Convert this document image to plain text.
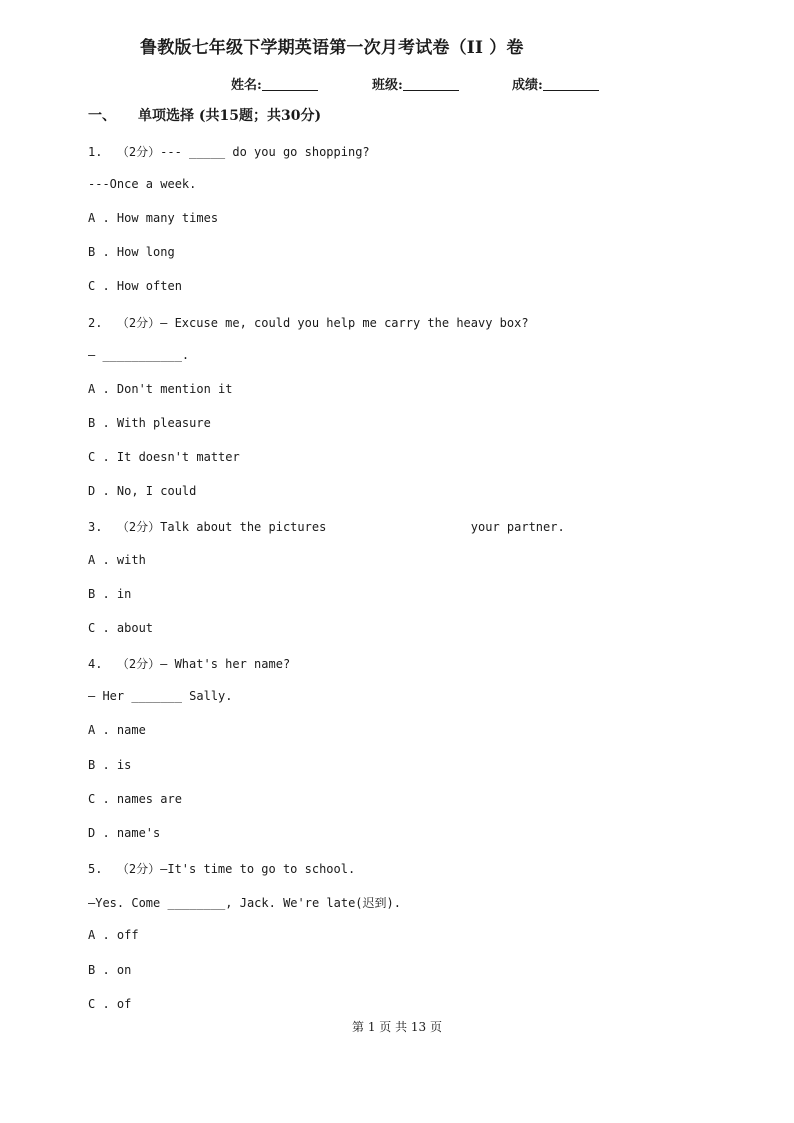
鲁教版七年级下学期英语第一次月考试卷（II ）卷
姓名:	班级:	成绩:
一、 单项选择 (共15题；共30分)
1.  （2分）--- _____ do you go shopping?
---Once a week.
A . How many times
B . How long
C . How often
2.  （2分）— Excuse me, could you help me carry the heavy box?
— ___________.
A . Don't mention it
B . With pleasure
C . It doesn't matter
D . No, I could
3.  （2分）Talk about the pictures                    your partner.
A . with
B . in
C . about
4.  （2分）— What's her name?
— Her _______ Sally.
A . name
B . is
C . names are
D . name's
5.  （2分）—It's time to go to school.
—Yes. Come ________, Jack. We're late(迟到).
A . off
B . on
C . of
第 1 页 共 13 页
